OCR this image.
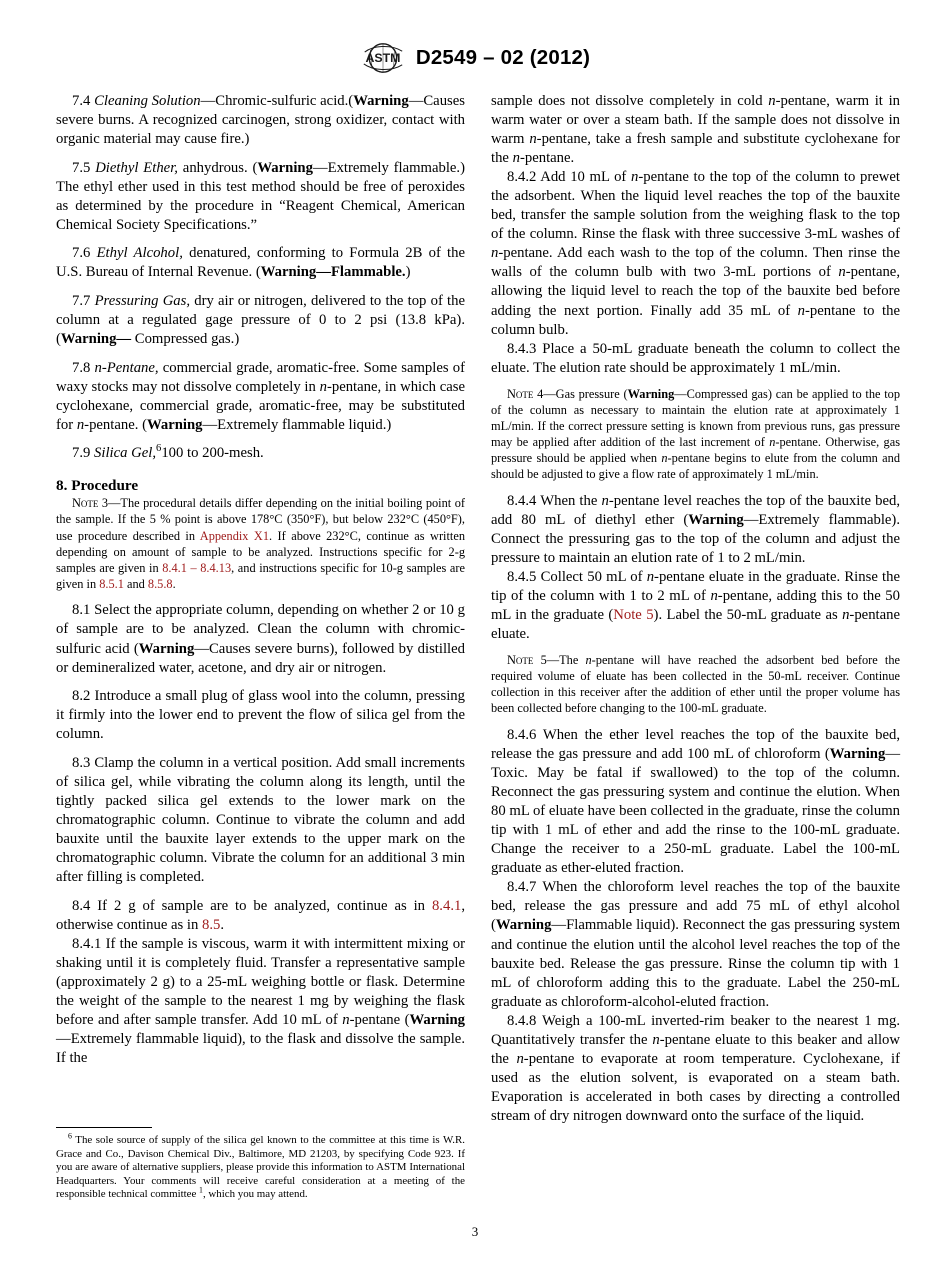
ASTM D2549 – 02 (2012)

7.4 Cleaning Solution—Chromic-sulfuric acid.(Warning—Causes severe burns. A recognized carcinogen, strong oxidizer, contact with organic material may cause fire.)

7.5 Diethyl Ether, anhydrous. (Warning—Extremely flammable.) The ethyl ether used in this test method should be free of peroxides as determined by the procedure in “Reagent Chemical, American Chemical Society Specifications.”

7.6 Ethyl Alcohol, denatured, conforming to Formula 2B of the U.S. Bureau of Internal Revenue. (Warning—Flammable.)

7.7 Pressuring Gas, dry air or nitrogen, delivered to the top of the column at a regulated gage pressure of 0 to 2 psi (13.8 kPa). (Warning— Compressed gas.)

7.8 n-Pentane, commercial grade, aromatic-free. Some samples of waxy stocks may not dissolve completely in n-pentane, in which case cyclohexane, commercial grade, aromatic-free, may be substituted for n-pentane. (Warning—Extremely flammable liquid.)

7.9 Silica Gel,$^6$100 to 200-mesh.

8. Procedure

Note 3—The procedural details differ depending on the initial boiling point of the sample. If the 5 % point is above 178°C (350°F), but below 232°C (450°F), use procedure described in Appendix X1. If above 232°C, continue as written depending on amount of sample to be analyzed. Instructions specific for 2-g samples are given in 8.4.1 – 8.4.13, and instructions specific for 10-g samples are given in 8.5.1 and 8.5.8.

8.1 Select the appropriate column, depending on whether 2 or 10 g of sample are to be analyzed. Clean the column with chromic-sulfuric acid (Warning—Causes severe burns), followed by distilled or demineralized water, acetone, and dry air or nitrogen.

8.2 Introduce a small plug of glass wool into the column, pressing it firmly into the lower end to prevent the flow of silica gel from the column.

8.3 Clamp the column in a vertical position. Add small increments of silica gel, while vibrating the column along its length, until the tightly packed silica gel extends to the lower mark on the chromatographic column. Continue to vibrate the column and add bauxite until the bauxite layer extends to the upper mark on the chromatographic column. Vibrate the column for an additional 3 min after filling is completed.

8.4 If 2 g of sample are to be analyzed, continue as in 8.4.1, otherwise continue as in 8.5.

8.4.1 If the sample is viscous, warm it with intermittent mixing or shaking until it is completely fluid. Transfer a representative sample (approximately 2 g) to a 25-mL weighing bottle or flask. Determine the weight of the sample to the nearest 1 mg by weighing the flask before and after sample transfer. Add 10 mL of n-pentane (Warning—Extremely flammable liquid), to the flask and dissolve the sample. If the

$^6$ The sole source of supply of the silica gel known to the committee at this time is W.R. Grace and Co., Davison Chemical Div., Baltimore, MD 21203, by specifying Code 923. If you are aware of alternative suppliers, please provide this information to ASTM International Headquarters. Your comments will receive careful consideration at a meeting of the responsible technical committee $^1$, which you may attend.

sample does not dissolve completely in cold n-pentane, warm it in warm water or over a steam bath. If the sample does not dissolve in warm n-pentane, take a fresh sample and substitute cyclohexane for the n-pentane.

8.4.2 Add 10 mL of n-pentane to the top of the column to prewet the adsorbent. When the liquid level reaches the top of the bauxite bed, transfer the sample solution from the weighing flask to the top of the column. Rinse the flask with three successive 3-mL washes of n-pentane. Add each wash to the top of the column. Then rinse the walls of the column bulb with two 3-mL portions of n-pentane, allowing the liquid level to reach the top of the bauxite bed before adding the next portion. Finally add 35 mL of n-pentane to the column bulb.

8.4.3 Place a 50-mL graduate beneath the column to collect the eluate. The elution rate should be approximately 1 mL/min.

Note 4—Gas pressure (Warning—Compressed gas) can be applied to the top of the column as necessary to maintain the elution rate at approximately 1 mL/min. If the correct pressure setting is known from previous runs, gas pressure may be applied after addition of the last increment of n-pentane. Otherwise, gas pressure should be applied when n-pentane begins to elute from the column and should be adjusted to give a flow rate of approximately 1 mL/min.

8.4.4 When the n-pentane level reaches the top of the bauxite bed, add 80 mL of diethyl ether (Warning—Extremely flammable). Connect the pressuring gas to the top of the column and adjust the pressure to maintain an elution rate of 1 to 2 mL/min.

8.4.5 Collect 50 mL of n-pentane eluate in the graduate. Rinse the tip of the column with 1 to 2 mL of n-pentane, adding this to the 50 mL in the graduate (Note 5). Label the 50-mL graduate as n-pentane eluate.

Note 5—The n-pentane will have reached the adsorbent bed before the required volume of eluate has been collected in the 50-mL receiver. Continue collection in this receiver after the addition of ether until the proper volume has been collected before changing to the 100-mL graduate.

8.4.6 When the ether level reaches the top of the bauxite bed, release the gas pressure and add 100 mL of chloroform (Warning—Toxic. May be fatal if swallowed) to the top of the column. Reconnect the gas pressuring system and continue the elution. When 80 mL of eluate have been collected in the graduate, rinse the column tip with 1 mL of ether and add the rinse to the 100-mL graduate. Change the receiver to a 250-mL graduate. Label the 100-mL graduate as ether-eluted fraction.

8.4.7 When the chloroform level reaches the top of the bauxite bed, release the gas pressure and add 75 mL of ethyl alcohol (Warning—Flammable liquid). Reconnect the gas pressuring system and continue the elution until the alcohol level reaches the top of the bauxite bed. Release the gas pressure. Rinse the column tip with 1 mL of chloroform adding this to the graduate. Label the 250-mL graduate as chloroform-alcohol-eluted fraction.

8.4.8 Weigh a 100-mL inverted-rim beaker to the nearest 1 mg. Quantitatively transfer the n-pentane eluate to this beaker and allow the n-pentane to evaporate at room temperature. Cyclohexane, if used as the elution solvent, is evaporated on a steam bath. Evaporation is accelerated in both cases by directing a controlled stream of dry nitrogen downward onto the surface of the liquid.

3
